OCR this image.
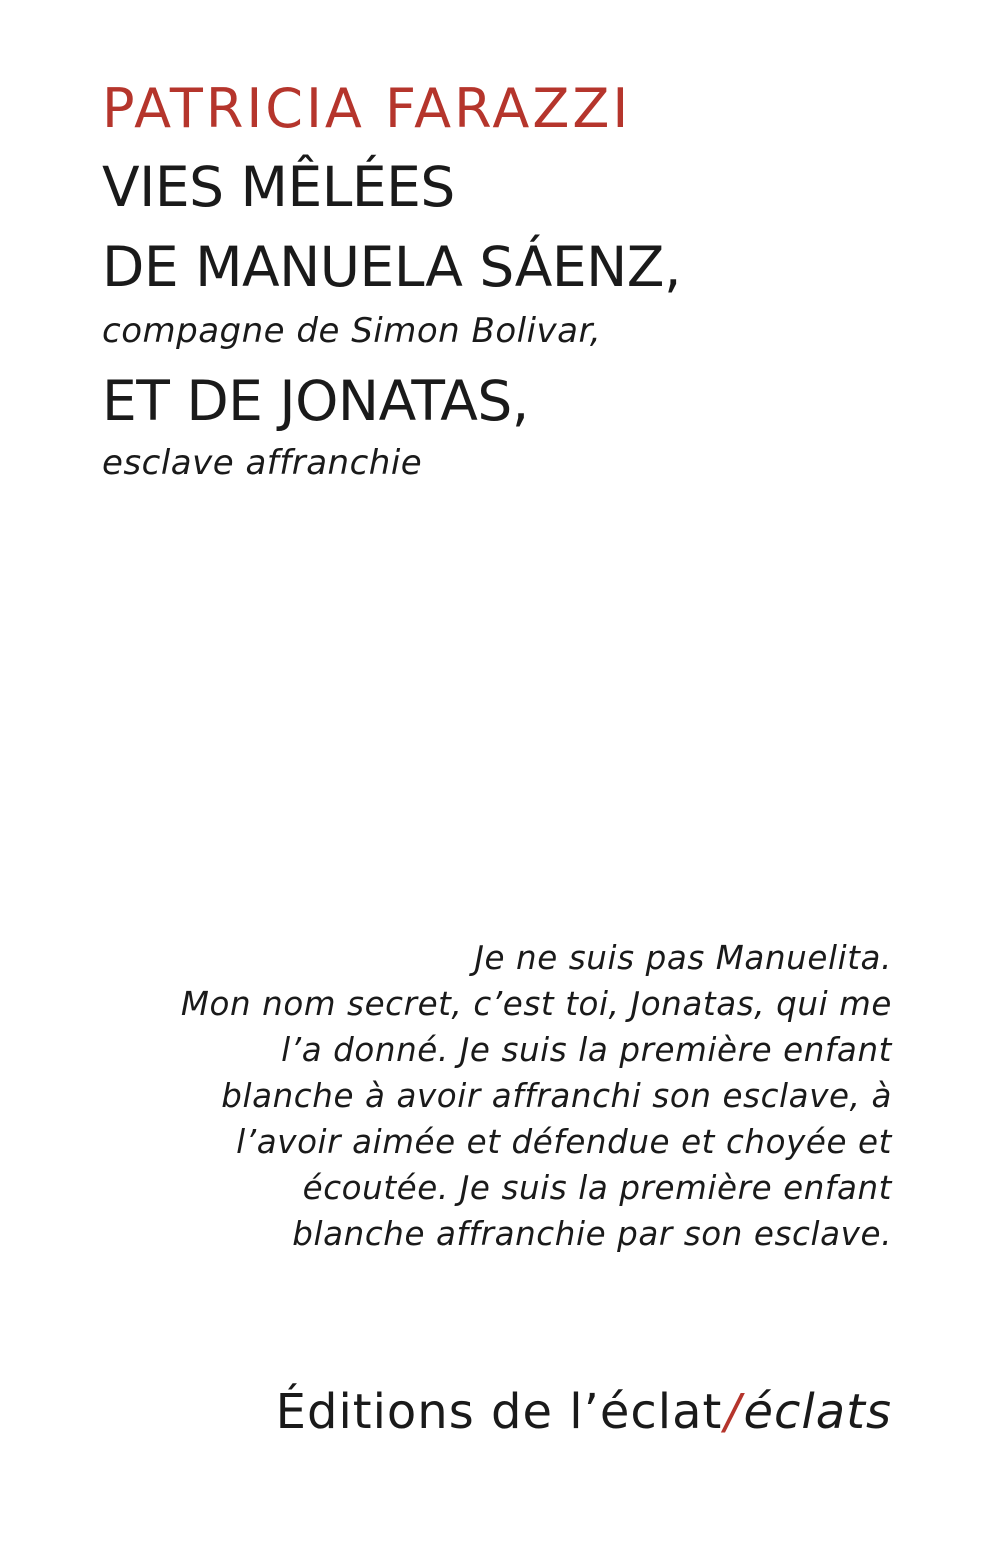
PATRICIA FARAZZI
VIES MÊLÉES
DE MANUELA SÁENZ,
compagne de Simon Bolivar,
ET DE JONATAS,
esclave affranchie
Je ne suis pas Manuelita.
Mon nom secret, c’est toi, Jonatas, qui me
l’a donné. Je suis la première enfant
blanche à avoir affranchi son esclave, à
l’avoir aimée et défendue et choyée et
écoutée. Je suis la première enfant
blanche affranchie par son esclave.
Éditions de l’éclat/éclats
